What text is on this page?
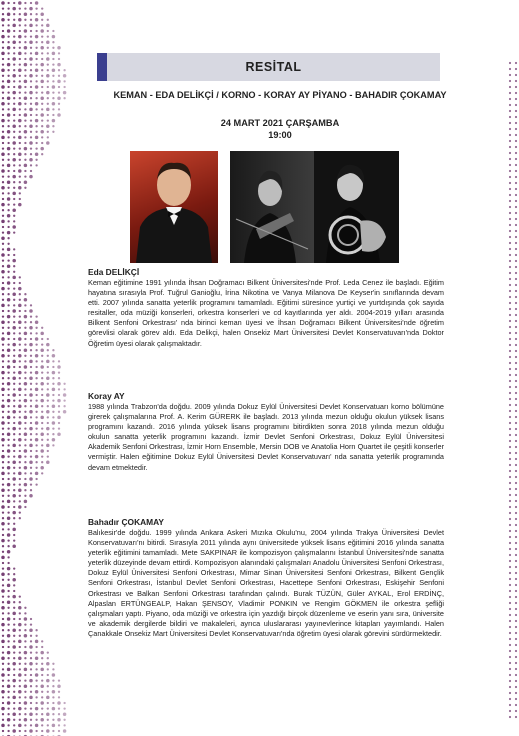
RESİTAL
KEMAN - EDA DELİKÇİ / KORNO - KORAY AY PİYANO - BAHADIR ÇOKAMAY
24 MART 2021 ÇARŞAMBA
19:00
Eda DELİKÇİ

Keman eğitimine 1991 yılında İhsan Doğramacı Bilkent Üniversitesi'nde Prof. Leda Cenez ile başladı. Eğitim hayatına sırasıyla Prof. Tuğrul Ganioğlu, İrina Nikotina ve Vanya Milanova De Keyser'in sınıflarında devam etti. 2007 yılında sanatta yeterlik programını tamamladı. Eğitimi süresince yurtiçi ve yurtdışında çok sayıda resitaller, oda müziği konserleri, orkestra konserleri ve cd kayıtlarında yer aldı. 2004-2019 yılları arasında Bilkent Senfoni Orkestrası' nda birinci keman üyesi ve İhsan Doğramacı Bilkent Üniversitesi'nde öğretim görevlisi olarak görev aldı. Eda Delikçi, halen Onsekiz Mart Üniversitesi Devlet Konservatuvarı'nda Doktor Öğretim üyesi olarak çalışmaktadır.

Koray AY

1988 yılında Trabzon'da doğdu. 2009 yılında Dokuz Eylül Üniversitesi Devlet Konservatuarı korno bölümüne girerek çalışmalarına Prof. A. Kerim GÜRERK ile başladı. 2013 yılında mezun olduğu okulun yüksek lisans programını kazandı. 2016 yılında yüksek lisans programını bitirdikten sonra 2018 yılında mezun olduğu okulun sanatta yeterlik programını kazandı. İzmir Devlet Senfoni Orkestrası, Dokuz Eylül Üniversitesi Akademik Senfoni Orkestrası, İzmir Horn Ensemble, Mersin DOB ve Anatolia Horn Quartet ile çeşitli konserler vermiştir. Halen eğitimine Dokuz Eylül Üniversitesi Devlet Konservatuvarı' nda sanatta yeterlik programında devam etmektedir.

Bahadır ÇOKAMAY

Balıkesir'de doğdu. 1999 yılında Ankara Askeri Mızıka Okulu'nu, 2004 yılında Trakya Üniversitesi Devlet Konservatuvarı'nı bitirdi. Sırasıyla 2011 yılında aynı üniversitede yüksek lisans eğitimini 2016 yılında sanatta yeterlik eğitimini tamamladı. Mete SAKPINAR ile kompozisyon çalışmalarını İstanbul Üniversitesi'nde sanatta yeterlik düzeyinde devam ettirdi. Kompozisyon alanındaki çalışmaları Anadolu Üniversitesi Senfoni Orkestrası, Dokuz Eylül Üniversitesi Senfoni Orkestrası, Mimar Sinan Üniversitesi Senfoni Orkestrası, Bilkent Gençlik Senfoni Orkestrası, İstanbul Devlet Senfoni Orkestrası, Hacettepe Senfoni Orkestrası, Eskişehir Senfoni Orkestrası ve Balkan Senfoni Orkestrası tarafından çalındı. Burak TÜZÜN, Güler AYKAL, Erol ERDİNÇ, Alpaslan ERTÜNGEALP, Hakan ŞENSOY, Vladimir PONKIN ve Rengim GÖKMEN ile orkestra şefliği çalışmaları yaptı. Piyano, oda müziği ve orkestra için yazdığı birçok düzenleme ve eserin yanı sıra, üniversite ve akademik dergilerde bildiri ve makaleleri, ayrıca uluslararası yayınevlerince kitapları yayımlandı. Halen Çanakkale Onsekiz Mart Üniversitesi Devlet Konservatuvarı'nda öğretim üyesi olarak görevini sürdürmektedir.
